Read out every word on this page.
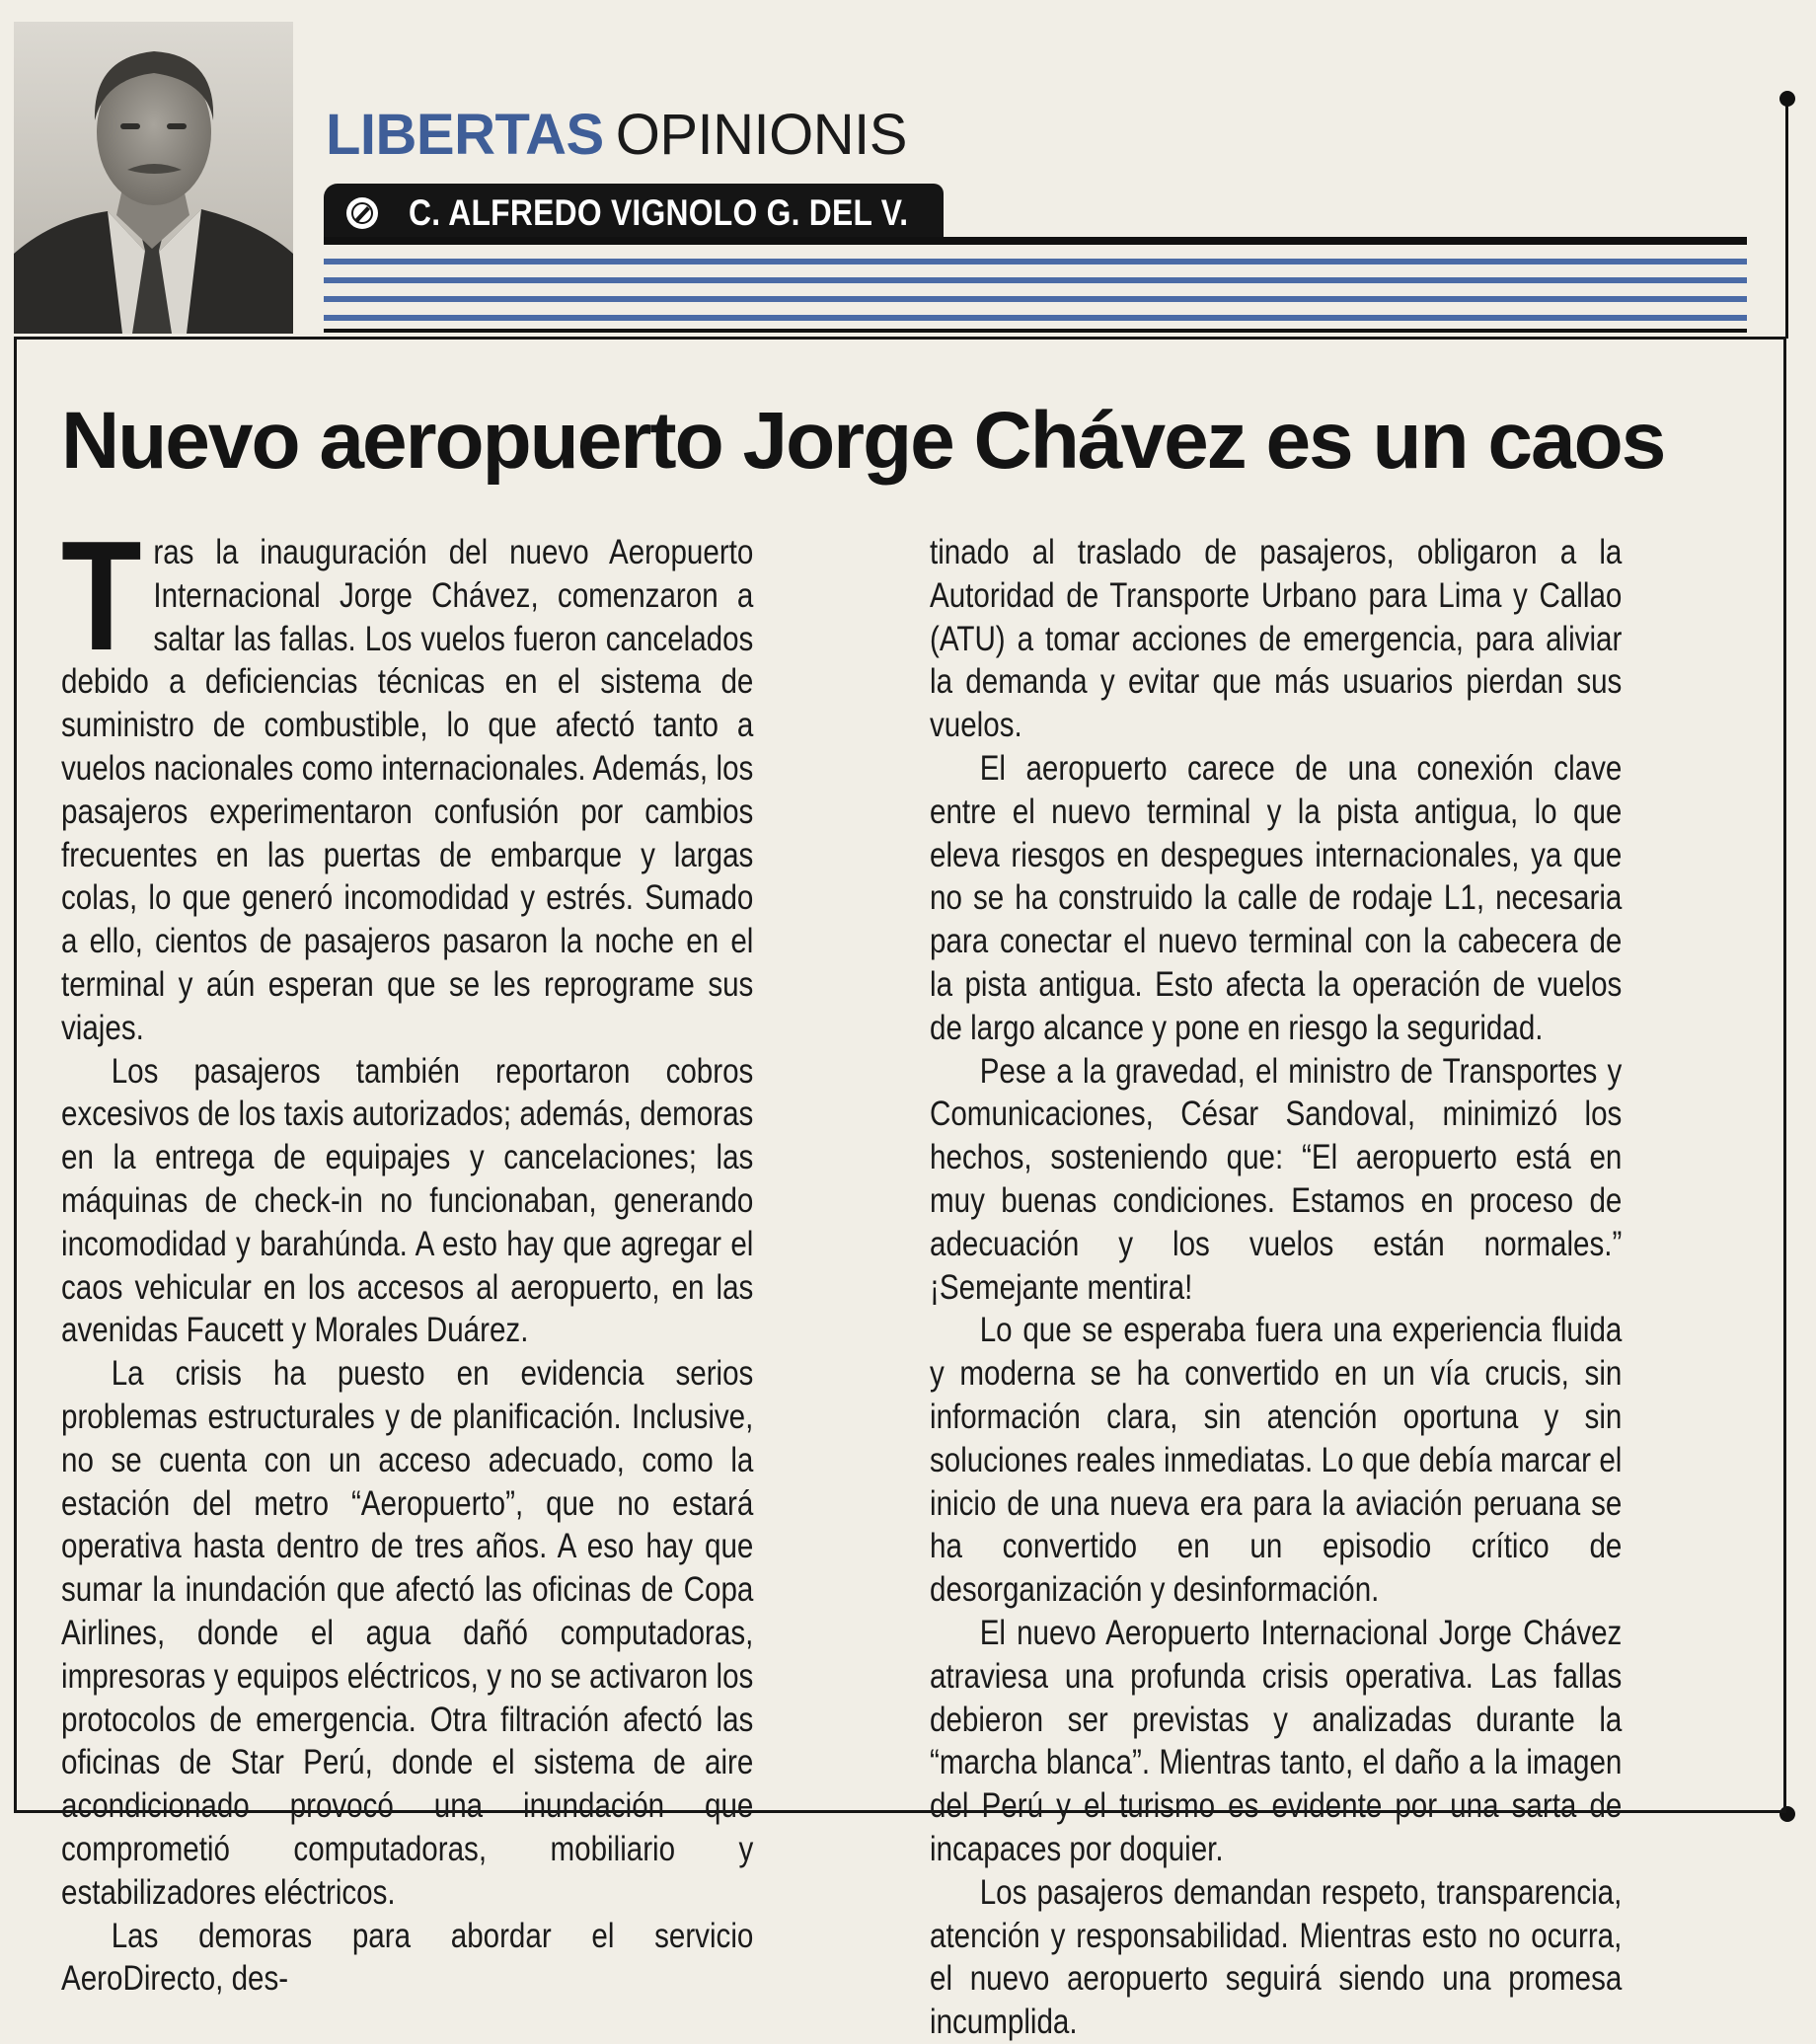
LIBERTAS OPINIONIS
C. ALFREDO VIGNOLO G. DEL V.
Nuevo aeropuerto Jorge Chávez es un caos

Tras la inauguración del nuevo Aeropuerto Internacional Jorge Chávez, comenzaron a saltar las fallas. Los vuelos fueron cancelados debido a deficiencias técnicas en el sistema de suministro de combustible, lo que afectó tanto a vuelos nacionales como internacionales. Además, los pasajeros experimentaron confusión por cambios frecuentes en las puertas de embarque y largas colas, lo que generó incomodidad y estrés. Sumado a ello, cientos de pasajeros pasaron la noche en el terminal y aún esperan que se les reprograme sus viajes.

Los pasajeros también reportaron cobros excesivos de los taxis autorizados; además, demoras en la entrega de equipajes y cancelaciones; las máquinas de check-in no funcionaban, generando incomodidad y barahúnda. A esto hay que agregar el caos vehicular en los accesos al aeropuerto, en las avenidas Faucett y Morales Duárez.

La crisis ha puesto en evidencia serios problemas estructurales y de planificación. Inclusive, no se cuenta con un acceso adecuado, como la estación del metro “Aeropuerto”, que no estará operativa hasta dentro de tres años. A eso hay que sumar la inundación que afectó las oficinas de Copa Airlines, donde el agua dañó computadoras, impresoras y equipos eléctricos, y no se activaron los protocolos de emergencia. Otra filtración afectó las oficinas de Star Perú, donde el sistema de aire acondicionado provocó una inundación que comprometió computadoras, mobiliario y estabilizadores eléctricos.

Las demoras para abordar el servicio AeroDirecto, des-

tinado al traslado de pasajeros, obligaron a la Autoridad de Transporte Urbano para Lima y Callao (ATU) a tomar acciones de emergencia, para aliviar la demanda y evitar que más usuarios pierdan sus vuelos.

El aeropuerto carece de una conexión clave entre el nuevo terminal y la pista antigua, lo que eleva riesgos en despegues internacionales, ya que no se ha construido la calle de rodaje L1, necesaria para conectar el nuevo terminal con la cabecera de la pista antigua. Esto afecta la operación de vuelos de largo alcance y pone en riesgo la seguridad.

Pese a la gravedad, el ministro de Transportes y Comunicaciones, César Sandoval, minimizó los hechos, sosteniendo que: “El aeropuerto está en muy buenas condiciones. Estamos en proceso de adecuación y los vuelos están normales.” ¡Semejante mentira!

Lo que se esperaba fuera una experiencia fluida y moderna se ha convertido en un vía crucis, sin información clara, sin atención oportuna y sin soluciones reales inmediatas. Lo que debía marcar el inicio de una nueva era para la aviación peruana se ha convertido en un episodio crítico de desorganización y desinformación.

El nuevo Aeropuerto Internacional Jorge Chávez atraviesa una profunda crisis operativa. Las fallas debieron ser previstas y analizadas durante la “marcha blanca”. Mientras tanto, el daño a la imagen del Perú y el turismo es evidente por una sarta de incapaces por doquier.

Los pasajeros demandan respeto, transparencia, atención y responsabilidad. Mientras esto no ocurra, el nuevo aeropuerto seguirá siendo una promesa incumplida.
